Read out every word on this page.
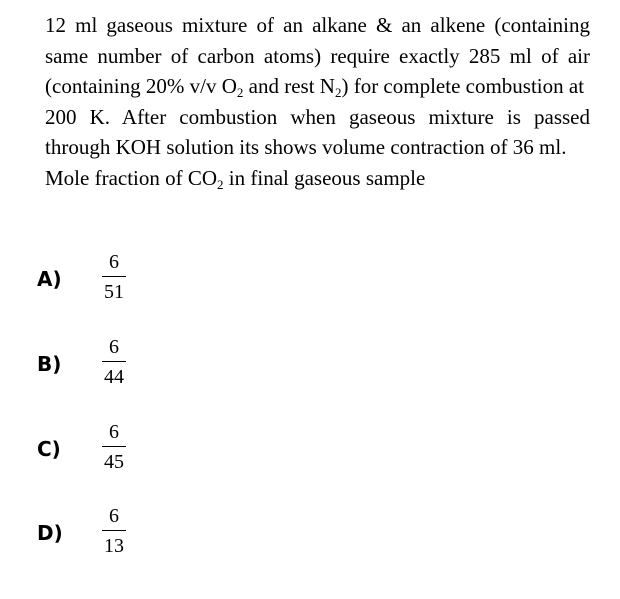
12 ml gaseous mixture of an alkane & an alkene (containing
same number of carbon atoms) require exactly 285 ml of air
(containing 20% v/v $O_2$ and rest $N_2$) for complete combustion at
200 K. After combustion when gaseous mixture is passed
through KOH solution its shows volume contraction of 36 ml.
Mole fraction of $CO_2$ in final gaseous sample
A)
6
51
B)
6
44
C)
6
45
D)
6
13
